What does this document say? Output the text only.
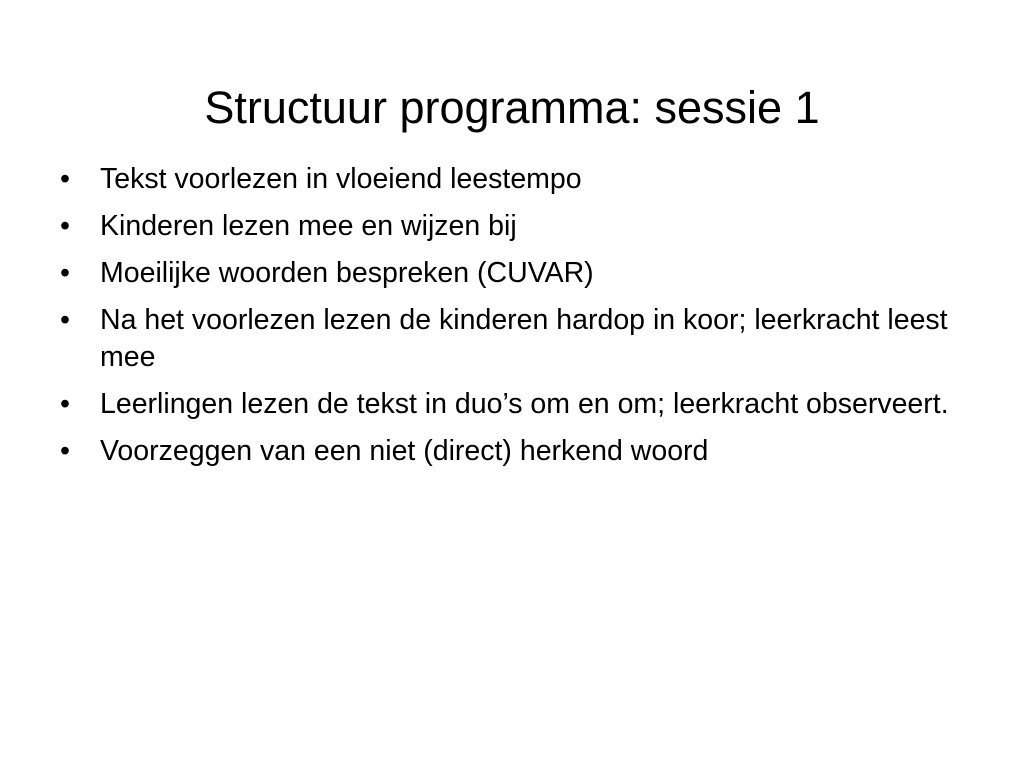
Structuur programma: sessie 1
•	Tekst voorlezen in vloeiend leestempo
•	Kinderen lezen mee en wijzen bij
•	Moeilijke woorden bespreken (CUVAR)
•	Na het voorlezen lezen de kinderen hardop in koor; leerkracht leest mee
•	Leerlingen lezen de tekst in duo’s om en om; leerkracht observeert.
•	Voorzeggen van een niet (direct) herkend woord
